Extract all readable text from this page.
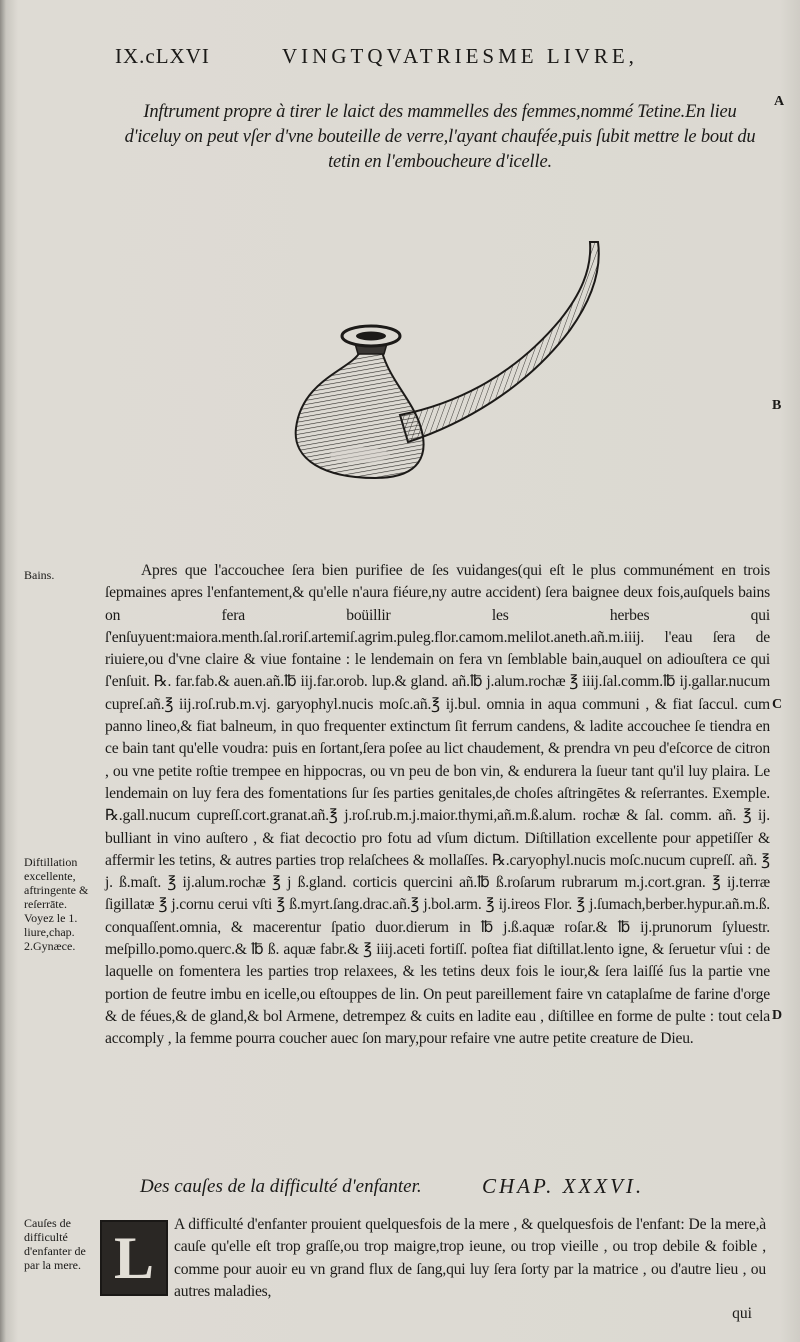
IX.cLXVI	VINGTQVATRIESME LIVRE,
A
B
C
D
Inftrument propre à tirer le laict des mammelles des femmes,nommé Tetine.En lieu d'iceluy on peut vſer d'vne bouteille de verre,l'ayant chaufée,puis ſubit mettre le bout du tetin en l'emboucheure d'icelle.
Bains.
Diftillation excellente, aftringente & reſerrāte. Voyez le 1. liure,chap. 2.Gynæce.

Apres que l'accouchee ſera bien purifiee de ſes vuidanges(qui eſt le plus communément en trois ſepmaines apres l'enfantement,& qu'elle n'aura fiéure,ny autre accident) ſera baignee deux fois,auſquels bains on fera boüillir les herbes qui ſ'enſuyuent:maiora.menth.ſal.roriſ.artemiſ.agrim.puleg.flor.camom.melilot.aneth.añ.m.iiij. l'eau ſera de riuiere,ou d'vne claire & viue fontaine : le lendemain on fera vn ſemblable bain,auquel on adiouſtera ce qui ſ'enſuit. ℞. far.fab.& auen.añ.℔ iij.far.orob. lup.& gland. añ.℔ j.alum.rochæ ℥ iiij.ſal.comm.℔ ij.gallar.nucum cupreſ.añ.℥ iij.roſ.rub.m.vj. garyophyl.nucis moſc.añ.℥ ij.bul. omnia in aqua communi , & fiat ſaccul. cum panno lineo,& fiat balneum, in quo frequenter extinctum ſit ferrum candens, & ladite accouchee ſe tiendra en ce bain tant qu'elle voudra: puis en ſortant,ſera poſee au lict chaudement, & prendra vn peu d'eſcorce de citron , ou vne petite roſtie trempee en hippocras, ou vn peu de bon vin, & endurera la ſueur tant qu'il luy plaira. Le lendemain on luy fera des fomentations ſur ſes parties genitales,de choſes aſtringētes & reſerrantes. Exemple. ℞.gall.nucum cupreſſ.cort.granat.añ.℥ j.roſ.rub.m.j.maior.thymi,añ.m.ß.alum. rochæ & ſal. comm. añ. ℥ ij. bulliant in vino auſtero , & fiat decoctio pro fotu ad vſum dictum. Diſtillation excellente pour appetiſſer & affermir les tetins, & autres parties trop relaſchees & mollaſſes. ℞.caryophyl.nucis moſc.nucum cupreſſ. añ. ℥ j. ß.maſt. ℥ ij.alum.rochæ ℥ j ß.gland. corticis quercini añ.℔ ß.roſarum rubrarum m.j.cort.gran. ℥ ij.terræ ſigillatæ ℥ j.cornu cerui vſti ℥ ß.myrt.ſang.drac.añ.℥ j.bol.arm. ℥ ij.ireos Flor. ℥ j.ſumach,berber.hypur.añ.m.ß. conquaſſent.omnia, & macerentur ſpatio duor.dierum in ℔ j.ß.aquæ roſar.& ℔ ij.prunorum ſyluestr. meſpillo.pomo.querc.& ℔ ß. aquæ fabr.& ℥ iiij.aceti fortiſſ. poſtea fiat diſtillat.lento igne, & ſeruetur vſui : de laquelle on fomentera les parties trop relaxees, & les tetins deux fois le iour,& ſera laiſſé ſus la partie vne portion de feutre imbu en icelle,ou eſtouppes de lin. On peut pareillement faire vn cataplaſme de farine d'orge & de féues,& de gland,& bol Armene, detrempez & cuits en ladite eau , diſtillee en forme de pulte : tout cela accomply , la femme pourra coucher auec ſon mary,pour refaire vne autre petite creature de Dieu.

Des cauſes de la difficulté d'enfanter.	CHAP. XXXVI.
Cauſes de difficulté d'enfanter de par la mere. L	A difficulté d'enfanter prouient quelquesfois de la mere , & quelquesfois de l'enfant: De la mere,à cauſe qu'elle eſt trop graſſe,ou trop maigre,trop ieune, ou trop vieille , ou trop debile & foible , comme pour auoir eu vn grand flux de ſang,qui luy ſera ſorty par la matrice , ou d'autre lieu , ou autres maladies,
qui
